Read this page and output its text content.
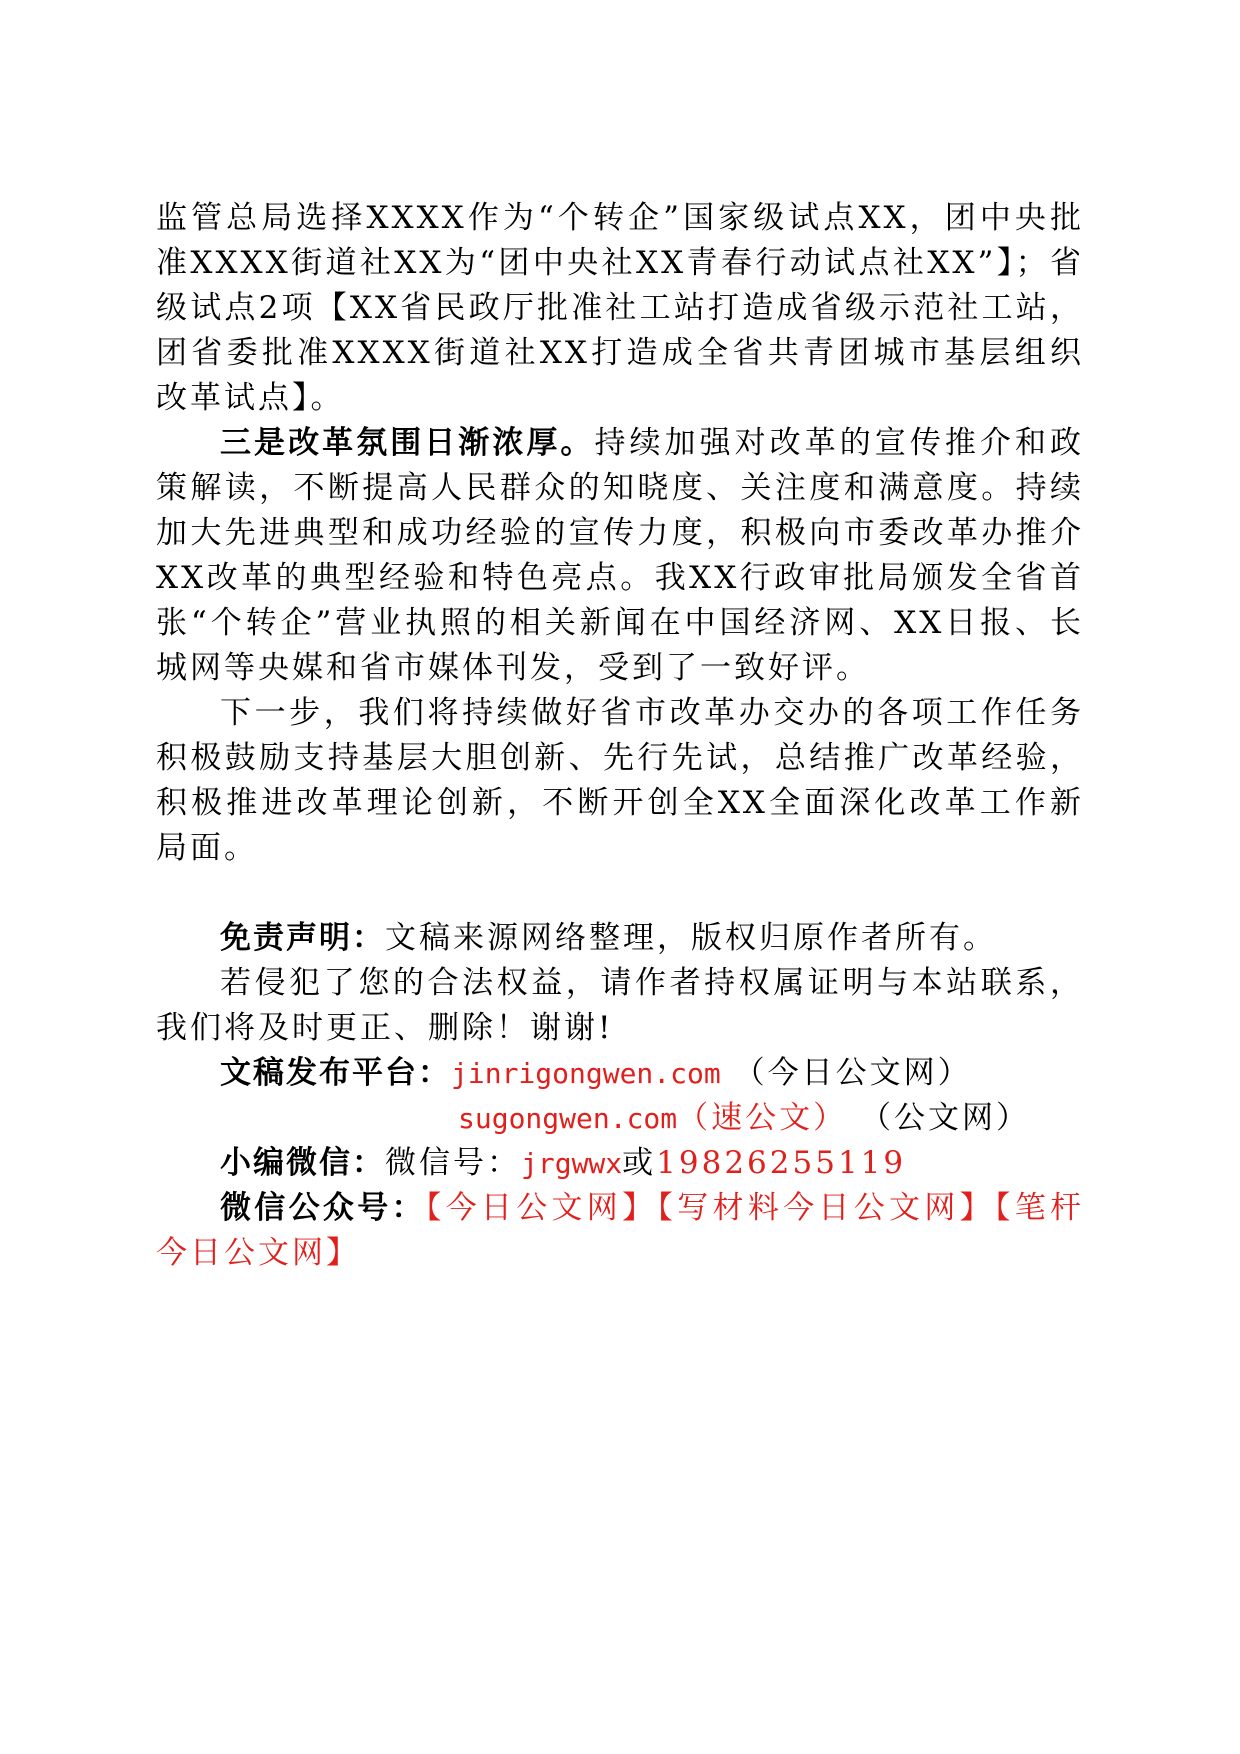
监管总局选择XXXX作为“个转企”国家级试点XX，团中央批准XXXX街道社XX为“团中央社XX青春行动试点社XX”】；省级试点2项【XX省民政厅批准社工站打造成省级示范社工站，团省委批准XXXX街道社XX打造成全省共青团城市基层组织改革试点】。

三是改革氛围日渐浓厚。持续加强对改革的宣传推介和政策解读，不断提高人民群众的知晓度、关注度和满意度。持续加大先进典型和成功经验的宣传力度，积极向市委改革办推介XX改革的典型经验和特色亮点。我XX行政审批局颁发全省首张“个转企”营业执照的相关新闻在中国经济网、XX日报、长城网等央媒和省市媒体刊发，受到了一致好评。

下一步，我们将持续做好省市改革办交办的各项工作任务积极鼓励支持基层大胆创新、先行先试，总结推广改革经验，积极推进改革理论创新，不断开创全XX全面深化改革工作新局面。

免责声明：文稿来源网络整理，版权归原作者所有。

若侵犯了您的合法权益，请作者持权属证明与本站联系，我们将及时更正、删除！谢谢!

文稿发布平台：jinrigongwen.com （今日公文网）

sugongwen.com（速公文） （公文网）

小编微信：微信号：jrgwwx或19826255119

微信公众号：【今日公文网】【写材料今日公文网】【笔杆今日公文网】
